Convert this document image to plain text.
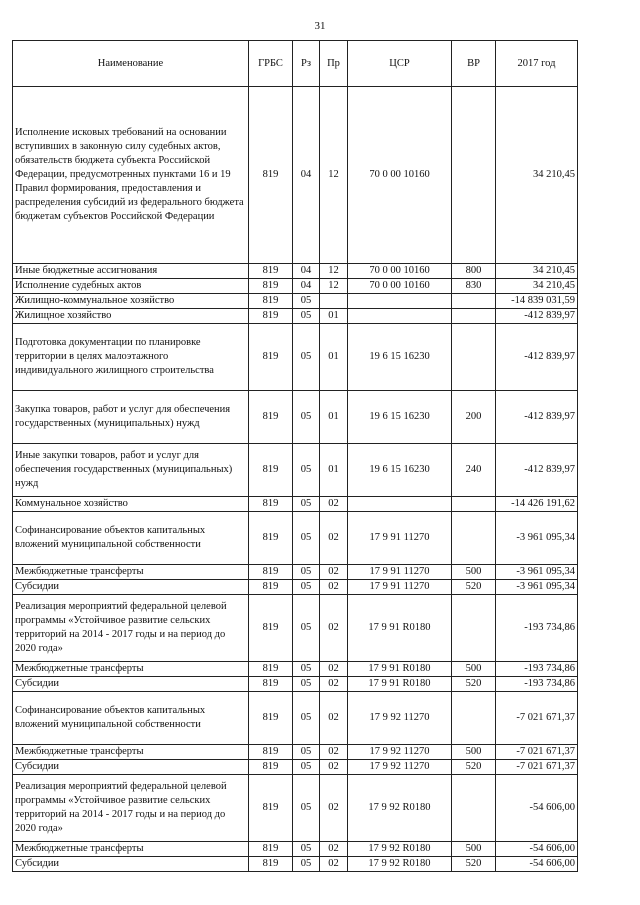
31
Наименование	ГРБС	Рз	Пр	ЦСР	ВР	2017 год
Исполнение исковых требований на основании вступивших в законную силу судебных актов, обязательств бюджета субъекта Российской Федерации, предусмотренных пунктами 16 и 19 Правил формирования, предоставления и распределения субсидий из федерального бюджета бюджетам субъектов Российской Федерации	819	04	12	70 0 00 10160		34 210,45
Иные бюджетные ассигнования	819	04	12	70 0 00 10160	800	34 210,45
Исполнение судебных актов	819	04	12	70 0 00 10160	830	34 210,45
Жилищно-коммунальное хозяйство	819	05				-14 839 031,59
Жилищное хозяйство	819	05	01			-412 839,97
Подготовка документации по планировке территории в целях малоэтажного индивидуального жилищного строительства	819	05	01	19 6 15 16230		-412 839,97
Закупка товаров, работ и услуг для обеспечения государственных (муниципальных) нужд	819	05	01	19 6 15 16230	200	-412 839,97
Иные закупки товаров, работ и услуг для обеспечения государственных (муниципальных) нужд	819	05	01	19 6 15 16230	240	-412 839,97
Коммунальное хозяйство	819	05	02			-14 426 191,62
Софинансирование объектов капитальных вложений муниципальной собственности	819	05	02	17 9 91 11270		-3 961 095,34
Межбюджетные трансферты	819	05	02	17 9 91 11270	500	-3 961 095,34
Субсидии	819	05	02	17 9 91 11270	520	-3 961 095,34
Реализация мероприятий федеральной целевой программы «Устойчивое развитие сельских территорий на 2014 - 2017 годы и на период до 2020 года»	819	05	02	17 9 91 R0180		-193 734,86
Межбюджетные трансферты	819	05	02	17 9 91 R0180	500	-193 734,86
Субсидии	819	05	02	17 9 91 R0180	520	-193 734,86
Софинансирование объектов капитальных вложений муниципальной собственности	819	05	02	17 9 92 11270		-7 021 671,37
Межбюджетные трансферты	819	05	02	17 9 92 11270	500	-7 021 671,37
Субсидии	819	05	02	17 9 92 11270	520	-7 021 671,37
Реализация мероприятий федеральной целевой программы «Устойчивое развитие сельских территорий на 2014 - 2017 годы и на период до 2020 года»	819	05	02	17 9 92 R0180		-54 606,00
Межбюджетные трансферты	819	05	02	17 9 92 R0180	500	-54 606,00
Субсидии	819	05	02	17 9 92 R0180	520	-54 606,00
